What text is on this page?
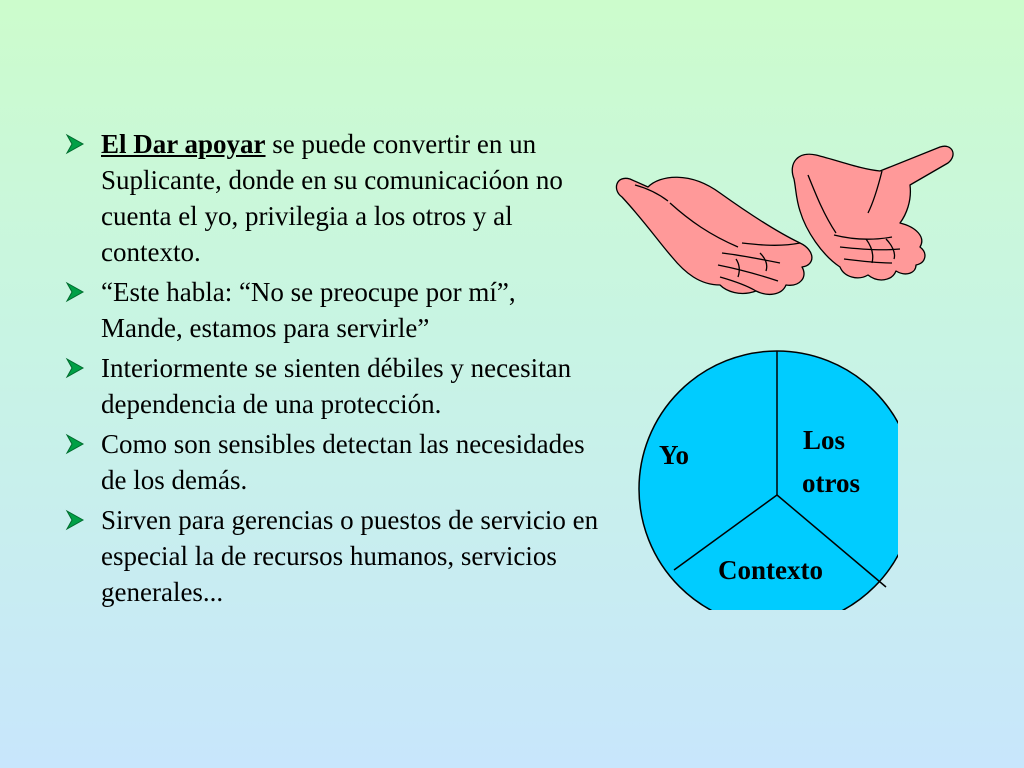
El Dar apoyar se puede convertir en un Suplicante, donde en su comunicacióon no cuenta el yo, privilegia a los otros y al contexto.
“Este habla: “No se preocupe por mí”, Mande, estamos para servirle”
Interiormente se sienten débiles y necesitan dependencia de una protección.
Como son sensibles detectan las necesidades de los demás.
Sirven para gerencias o puestos de servicio en especial la de recursos humanos, servicios generales...
Yo	Los
otros
Contexto
